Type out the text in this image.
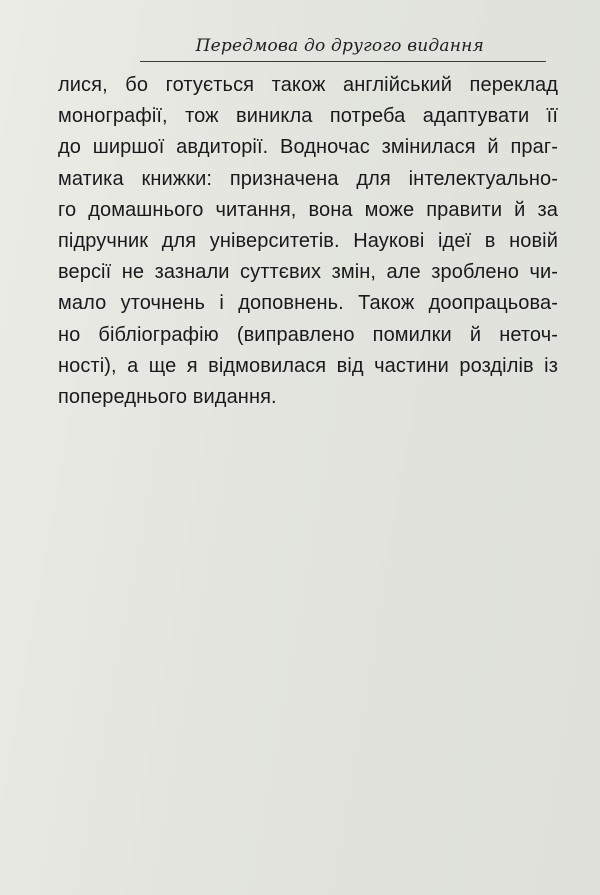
Передмова до другого видання
лися, бо готується також англійський переклад
монографії, тож виникла потреба адаптувати її
до ширшої авдиторії. Водночас змінилася й праг-
матика книжки: призначена для інтелектуально-
го домашнього читання, вона може правити й за
підручник для університетів. Наукові ідеї в новій
версії не зазнали суттєвих змін, але зроблено чи-
мало уточнень і доповнень. Також доопрацьова-
но бібліографію (виправлено помилки й неточ-
ності), а ще я відмовилася від частини розділів із
попереднього видання.
